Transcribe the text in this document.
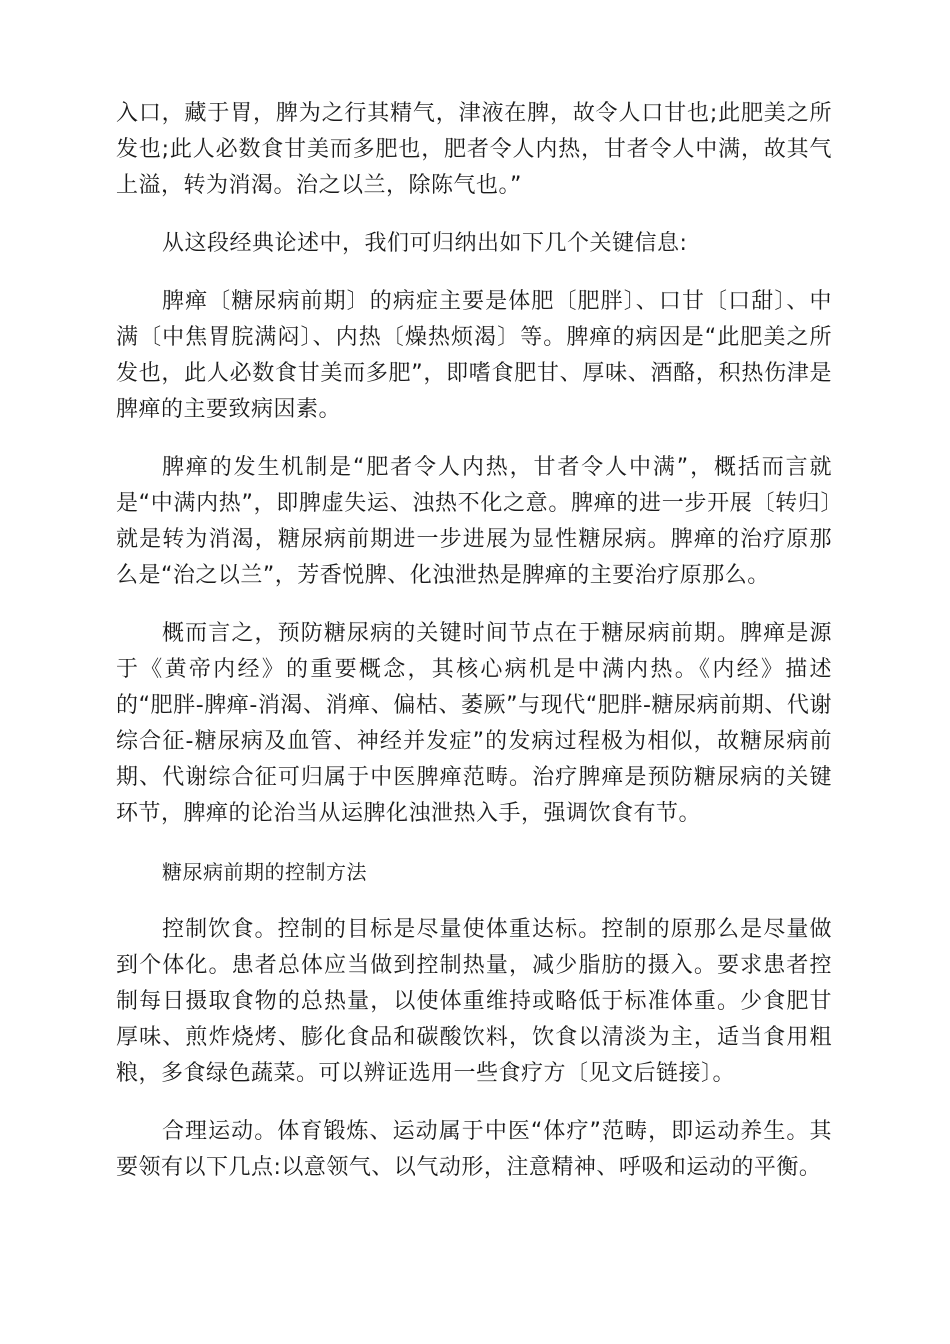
入口，藏于胃，脾为之行其精气，津液在脾，故令人口甘也;此肥美之所发也;此人必数食甘美而多肥也，肥者令人内热，甘者令人中满，故其气上溢，转为消渴。治之以兰，除陈气也。”

从这段经典论述中，我们可归纳出如下几个关键信息:

脾瘅〔糖尿病前期〕的病症主要是体肥〔肥胖〕、口甘〔口甜〕、中满〔中焦胃脘满闷〕、内热〔燥热烦渴〕等。脾瘅的病因是“此肥美之所发也，此人必数食甘美而多肥”，即嗜食肥甘、厚味、酒酪，积热伤津是脾瘅的主要致病因素。

脾瘅的发生机制是“肥者令人内热，甘者令人中满”，概括而言就是“中满内热”，即脾虚失运、浊热不化之意。脾瘅的进一步开展〔转归〕就是转为消渴，糖尿病前期进一步进展为显性糖尿病。脾瘅的治疗原那么是“治之以兰”，芳香悦脾、化浊泄热是脾瘅的主要治疗原那么。

概而言之，预防糖尿病的关键时间节点在于糖尿病前期。脾瘅是源于《黄帝内经》的重要概念，其核心病机是中满内热。《内经》描述的“肥胖-脾瘅-消渴、消瘅、偏枯、萎厥”与现代“肥胖-糖尿病前期、代谢综合征-糖尿病及血管、神经并发症”的发病过程极为相似，故糖尿病前期、代谢综合征可归属于中医脾瘅范畴。治疗脾瘅是预防糖尿病的关键环节，脾瘅的论治当从运脾化浊泄热入手，强调饮食有节。

糖尿病前期的控制方法

控制饮食。控制的目标是尽量使体重达标。控制的原那么是尽量做到个体化。患者总体应当做到控制热量，减少脂肪的摄入。要求患者控制每日摄取食物的总热量，以使体重维持或略低于标准体重。少食肥甘厚味、煎炸烧烤、膨化食品和碳酸饮料，饮食以清淡为主，适当食用粗粮，多食绿色蔬菜。可以辨证选用一些食疗方〔见文后链接〕。

合理运动。体育锻炼、运动属于中医“体疗”范畴，即运动养生。其要领有以下几点:以意领气、以气动形，注意精神、呼吸和运动的平衡。
